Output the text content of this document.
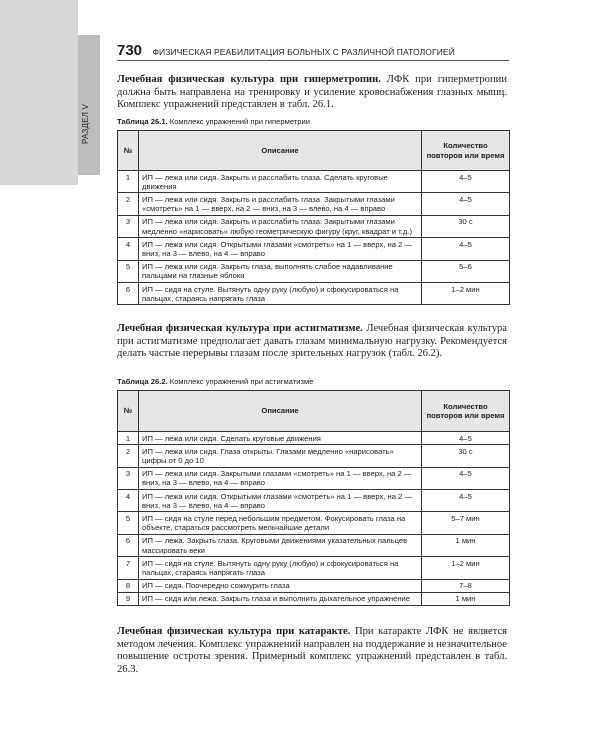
РАЗДЕЛ V
730 ФИЗИЧЕСКАЯ РЕАБИЛИТАЦИЯ БОЛЬНЫХ С РАЗЛИЧНОЙ ПАТОЛОГИЕЙ
Лечебная физическая культура при гиперметропии. ЛФК при гиперметропии должна быть направлена на тренировку и усиление кровоснабжения глазных мышц. Комплекс упражнений представлен в табл. 26.1.
Таблица 26.1. Комплекс упражнений при гиперметрии
№	Описание	Количество повторов или время
1	ИП — лежа или сидя. Закрыть и расслабить глаза. Сделать круговые движения	4–5
2	ИП — лежа или сидя. Закрыть и расслабить глаза. Закрытыми глазами «смотреть» на 1 — вверх, на 2 — вниз, на 3 — влево, на 4 — вправо	4–5
3	ИП — лежа или сидя. Закрыть и расслабить глаза. Закрытыми глазами медленно «нарисовать» любую геометрическую фигуру (круг, квадрат и т.д.)	30 с
4	ИП — лежа или сидя. Открытыми глазами «смотреть» на 1 — вверх, на 2 — вниз, на 3 — влево, на 4 — вправо	4–5
5	ИП — лежа или сидя. Закрыть глаза, выполнять слабое надавливание пальцами на глазные яблоки	5–6
6	ИП — сидя на стуле. Вытянуть одну руку (любую) и сфокусироваться на пальцах, стараясь напрягать глаза	1–2 мин
Лечебная физическая культура при астигматизме. Лечебная физическая культура при астигматизме предполагает давать глазам минимальную нагрузку. Рекомендуется делать частые перерывы глазам после зрительных нагрузок (табл. 26.2).
Таблица 26.2. Комплекс упражнений при астигматизме
№	Описание	Количество повторов или время
1	ИП — лежа или сидя. Сделать круговые движения	4–5
2	ИП — лежа или сидя. Глаза открыты. Глазами медленно «нарисовать» цифры от 0 до 10	30 с
3	ИП — лежа или сидя. Закрытыми глазами «смотреть» на 1 — вверх, на 2 — вниз, на 3 — влево, на 4 — вправо	4–5
4	ИП — лежа или сидя. Открытыми глазами «смотреть» на 1 — вверх, на 2 — вниз, на 3 — влево, на 4 — вправо	4–5
5	ИП — сидя на стуле перед небольшим предметом. Фокусировать глаза на объекте, стараться рассмотреть мельчайшие детали	5–7 мин
6	ИП — лежа. Закрыть глаза. Круговыми движениями указательных пальцев массировать веки	1 мин
7	ИП — сидя на стуле. Вытянуть одну руку (любую) и сфокусироваться на пальцах, стараясь напрягать глаза	1–2 мин
8	ИП — сидя. Поочередно сожмурить глаза	7–8
9	ИП — сидя или лежа. Закрыть глаза и выполнить дыхательное упражнение	1 мин
Лечебная физическая культура при катаракте. При катаракте ЛФК не является методом лечения. Комплекс упражнений направлен на поддержание и незначительное повышение остроты зрения. Примерный комплекс упражнений представлен в табл. 26.3.
